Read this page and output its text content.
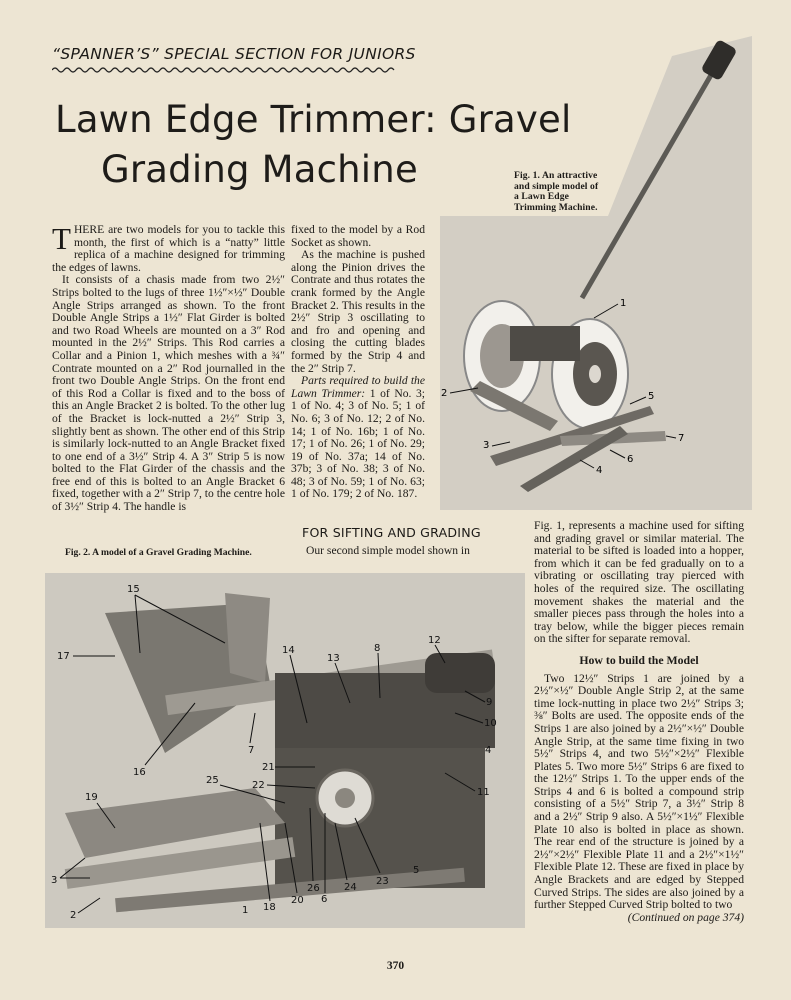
“SPANNER’S” SPECIAL SECTION FOR JUNIORS
Lawn Edge Trimmer: Gravel
Grading Machine
1
2	5
3
7
6
4
Fig. 1. An attractive and simple model of a Lawn Edge Trimming Machine.

THERE are two models for you to tackle this month, the first of which is a “natty” little replica of a machine designed for trimming the edges of lawns.

It consists of a chasis made from two 2½″ Strips bolted to the lugs of three 1½″×½″ Double Angle Strips arranged as shown. To the front Double Angle Strips a 1½″ Flat Girder is bolted and two Road Wheels are mounted on a 3″ Rod mounted in the 2½″ Strips. This Rod carries a Collar and a Pinion 1, which meshes with a ¾″ Contrate mounted on a 2″ Rod journalled in the front two Double Angle Strips. On the front end of this Rod a Collar is fixed and to the boss of this an Angle Bracket 2 is bolted. To the other lug of the Bracket is lock-nutted a 2½″ Strip 3, slightly bent as shown. The other end of this Strip is similarly lock-nutted to an Angle Bracket fixed to one end of a 3½″ Strip 4. A 3″ Strip 5 is now bolted to the Flat Girder of the chassis and the free end of this is bolted to an Angle Bracket 6 fixed, together with a 2″ Strip 7, to the centre hole of 3½″ Strip 4. The handle is

fixed to the model by a Rod Socket as shown.

As the machine is pushed along the Pinion drives the Contrate and thus rotates the crank formed by the Angle Bracket 2. This results in the 2½″ Strip 3 oscillating to and fro and opening and closing the cutting blades formed by the Strip 4 and the 2″ Strip 7.

Parts required to build the Lawn Trimmer: 1 of No. 3; 1 of No. 4; 3 of No. 5; 1 of No. 6; 3 of No. 12; 2 of No. 14; 1 of No. 16b; 1 of No. 17; 1 of No. 26; 1 of No. 29; 19 of No. 37a; 14 of No. 37b; 3 of No. 38; 3 of No. 48; 3 of No. 59; 1 of No. 63; 1 of No. 179; 2 of No. 187.

FOR SIFTING AND GRADING
Our second simple model shown in
Fig. 2. A model of a Gravel Grading Machine.
15
17
16
14
13
8
12
9
10
7	4
21
22
25
11
19
3
2	1 18
20
26
6
24
23
5

Fig. 1, represents a machine used for sifting and grading gravel or similar material. The material to be sifted is loaded into a hopper, from which it can be fed gradually on to a vibrating or oscillating tray pierced with holes of the required size. The oscillating movement shakes the material and the smaller pieces pass through the holes into a tray below, while the bigger pieces remain on the sifter for separate removal.

How to build the Model

Two 12½″ Strips 1 are joined by a 2½″×½″ Double Angle Strip 2, at the same time lock-nutting in place two 2½″ Strips 3; ⅜″ Bolts are used. The opposite ends of the Strips 1 are also joined by a 2½″×½″ Double Angle Strip, at the same time fixing in two 5½″ Strips 4, and two 5½″×2½″ Flexible Plates 5. Two more 5½″ Strips 6 are fixed to the 12½″ Strips 1. To the upper ends of the Strips 4 and 6 is bolted a compound strip consisting of a 5½″ Strip 7, a 3½″ Strip 8 and a 2½″ Strip 9 also. A 5½″×1½″ Flexible Plate 10 also is bolted in place as shown. The rear end of the structure is joined by a 2½″×2½″ Flexible Plate 11 and a 2½″×1½″ Flexible Plate 12. These are fixed in place by Angle Brackets and are edged by Stepped Curved Strips. The sides are also joined by a further Stepped Curved Strip bolted to two

(Continued on page 374)

370
